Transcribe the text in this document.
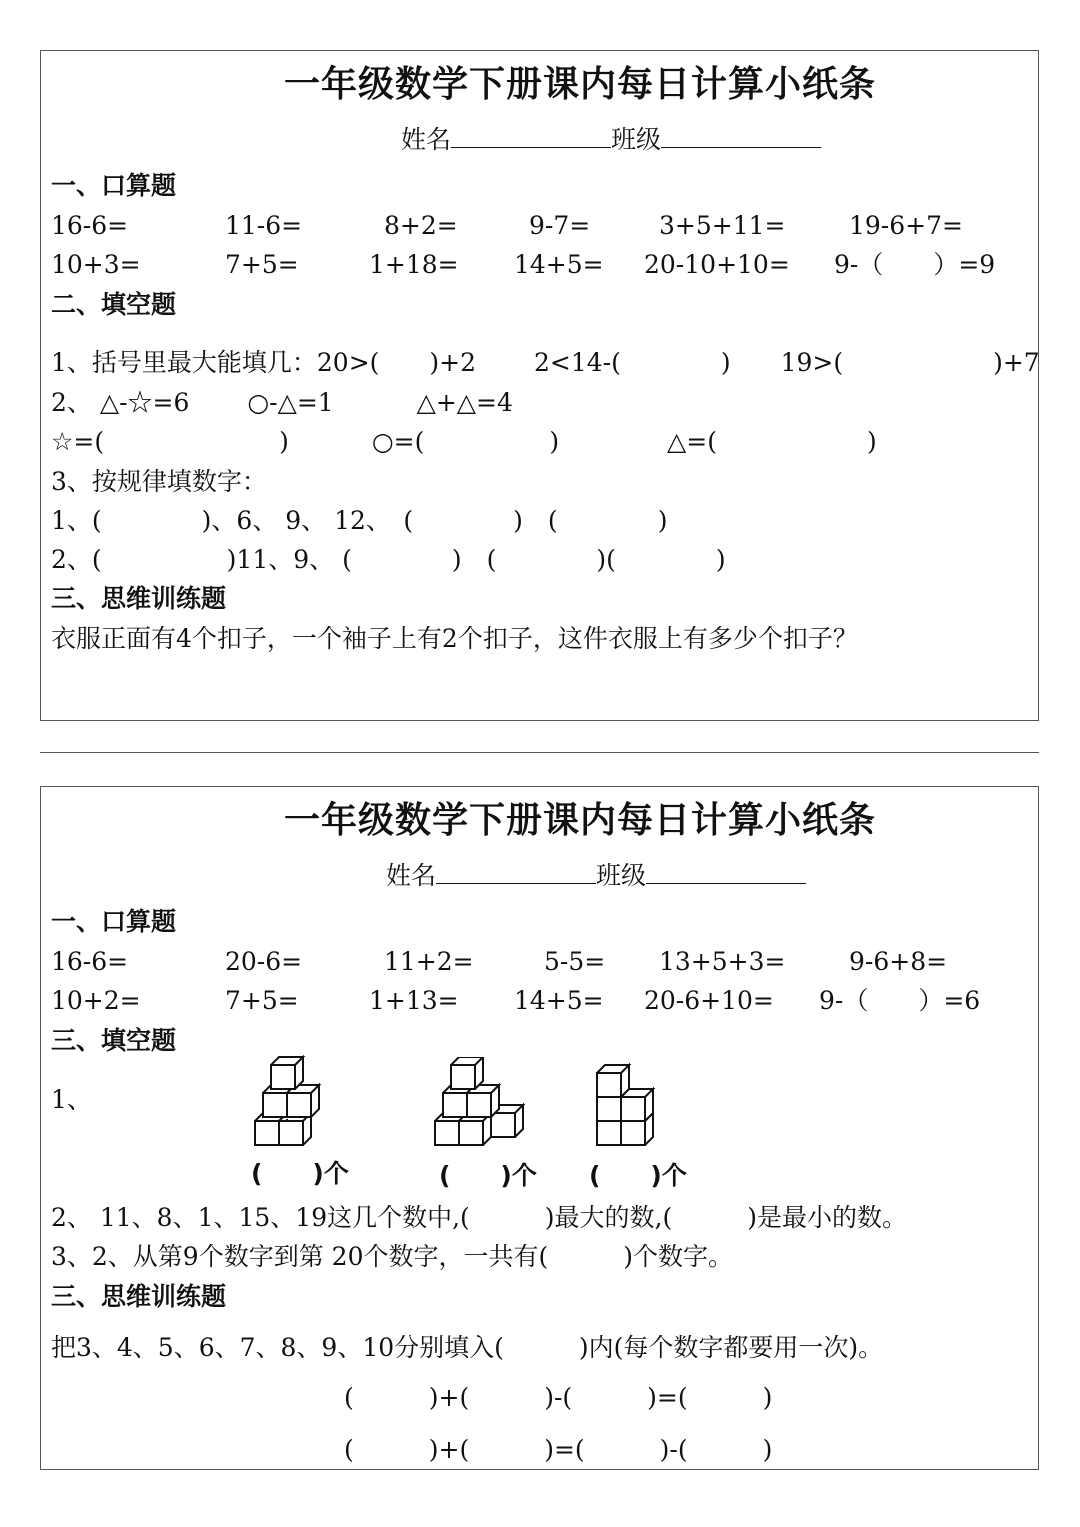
一年级数学下册课内每日计算小纸条
姓名	班级
一、口算题
16-6=	11-6=	8+2=	9-7=	3+5+11=	19-6+7=
10+3=	7+5=	1+18= 14+5= 20-10+10= 9-（　　）=9
二、填空题
1、括号里最大能填几：20>(　　)+2　　 2<14-(　　　　)　　19>(　　　　　　)+7
2、 △-☆=6　　 ○-△=1　　　 △+△=4
☆=(　　　　　　　)　　　 ○=(　　　　　)　　　　 △=(　　　　　　)
3、按规律填数字：
1、(　　　　)、6、 9、 12、　(　　　　)　(　　　　)
2、(　　　　　)11、9、 (　　　　)　(　　　　)(　　　　)
三、思维训练题
衣服正面有4个扣子，一个袖子上有2个扣子，这件衣服上有多少个扣子？
一年级数学下册课内每日计算小纸条
姓名	班级
一、口算题
16-6=	20-6=	11+2=	5-5= 13+5+3=	9-6+8=
10+2=	7+5=	1+13= 14+5= 20-6+10= 9-（　　）=6
三、填空题
1、
(　　)个	(　　)个 (　　)个
2、 11、8、1、15、19这几个数中,(　　　)最大的数,(　　　)是最小的数。
3、2、从第9个数字到第 20个数字，一共有(　　　)个数字。
三、思维训练题
把3、4、5、6、7、8、9、10分别填入(　　　)内(每个数字都要用一次)。
(　　　)+(　　　)-(　　　)=(　　　)
(　　　)+(　　　)=(　　　)-(　　　)
